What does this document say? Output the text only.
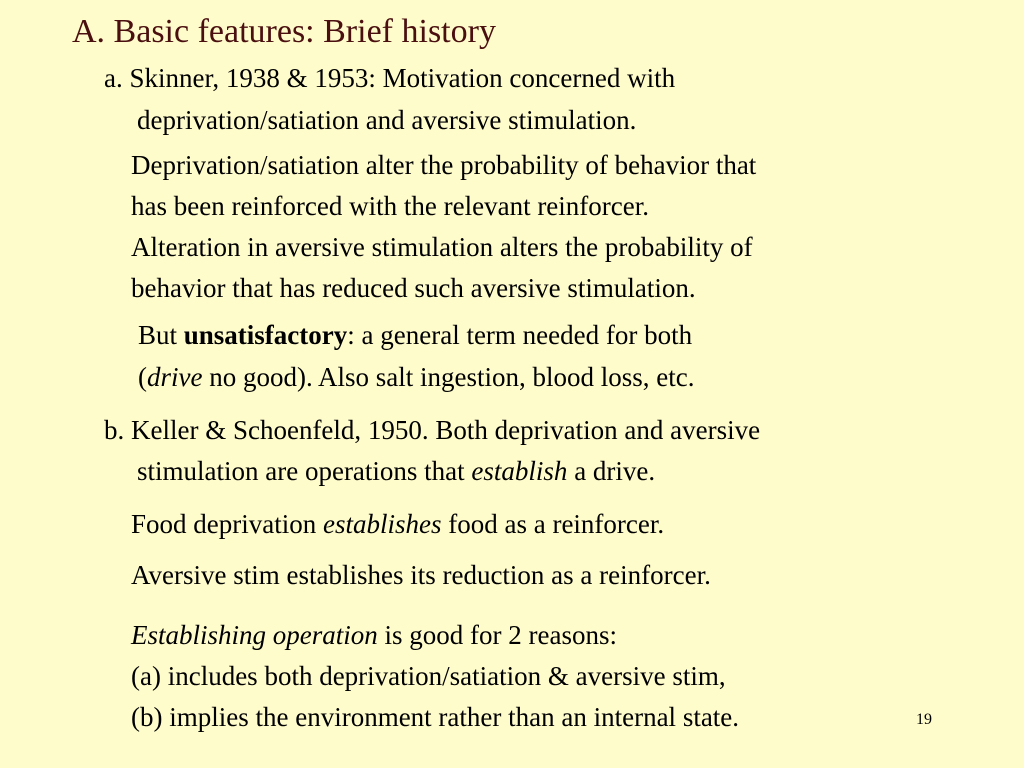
A. Basic features: Brief history
a. Skinner, 1938 & 1953: Motivation concerned with
deprivation/satiation and aversive stimulation.
Deprivation/satiation alter the probability of behavior that
has been reinforced with the relevant reinforcer.
Alteration in aversive stimulation alters the probability of
behavior that has reduced such aversive stimulation.
But unsatisfactory: a general term needed for both
(drive no good). Also salt ingestion, blood loss, etc.
b. Keller & Schoenfeld, 1950. Both deprivation and aversive
stimulation are operations that establish a drive.
Food deprivation establishes food as a reinforcer.
Aversive stim establishes its reduction as a reinforcer.
Establishing operation is good for 2 reasons:
(a) includes both deprivation/satiation & aversive stim,
(b) implies the environment rather than an internal state.	19
